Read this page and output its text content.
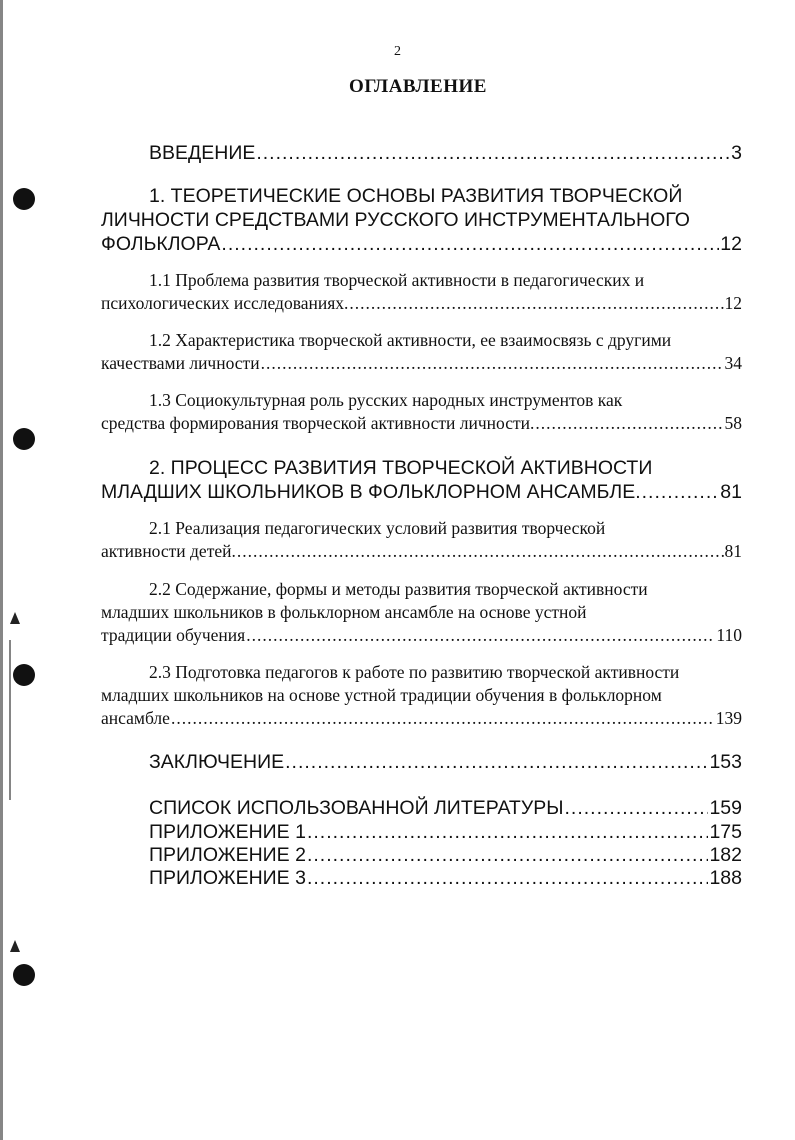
2
ОГЛАВЛЕНИЕ
ВВЕДЕНИЕ .....	3
1. ТЕОРЕТИЧЕСКИЕ ОСНОВЫ РАЗВИТИЯ ТВОРЧЕСКОЙ
ЛИЧНОСТИ СРЕДСТВАМИ РУССКОГО ИНСТРУМЕНТАЛЬНОГО
ФОЛЬКЛОРА .....	12
1.1 Проблема развития творческой активности в педагогических и
психологических исследованиях. .....	12
1.2 Характеристика творческой активности, ее взаимосвязь с другими
качествами личности .....	34
1.3 Социокультурная роль русских народных инструментов как
средства формирования творческой активности личности. .....	58
2. ПРОЦЕСС РАЗВИТИЯ ТВОРЧЕСКОЙ АКТИВНОСТИ
МЛАДШИХ ШКОЛЬНИКОВ В ФОЛЬКЛОРНОМ АНСАМБЛЕ. .....	81
2.1 Реализация педагогических условий развития творческой
активности детей. .....	81
2.2 Содержание, формы и методы развития творческой активности
младших школьников в фольклорном ансамбле на основе устной
традиции обучения .....	110
2.3 Подготовка педагогов к работе по развитию творческой активности
младших школьников на основе устной традиции обучения в фольклорном
ансамбле .....	139
ЗАКЛЮЧЕНИЕ .....	153
СПИСОК ИСПОЛЬЗОВАННОЙ ЛИТЕРАТУРЫ .....	159
ПРИЛОЖЕНИЕ 1 .....	175
ПРИЛОЖЕНИЕ 2 .....	182
ПРИЛОЖЕНИЕ 3 .....	188
